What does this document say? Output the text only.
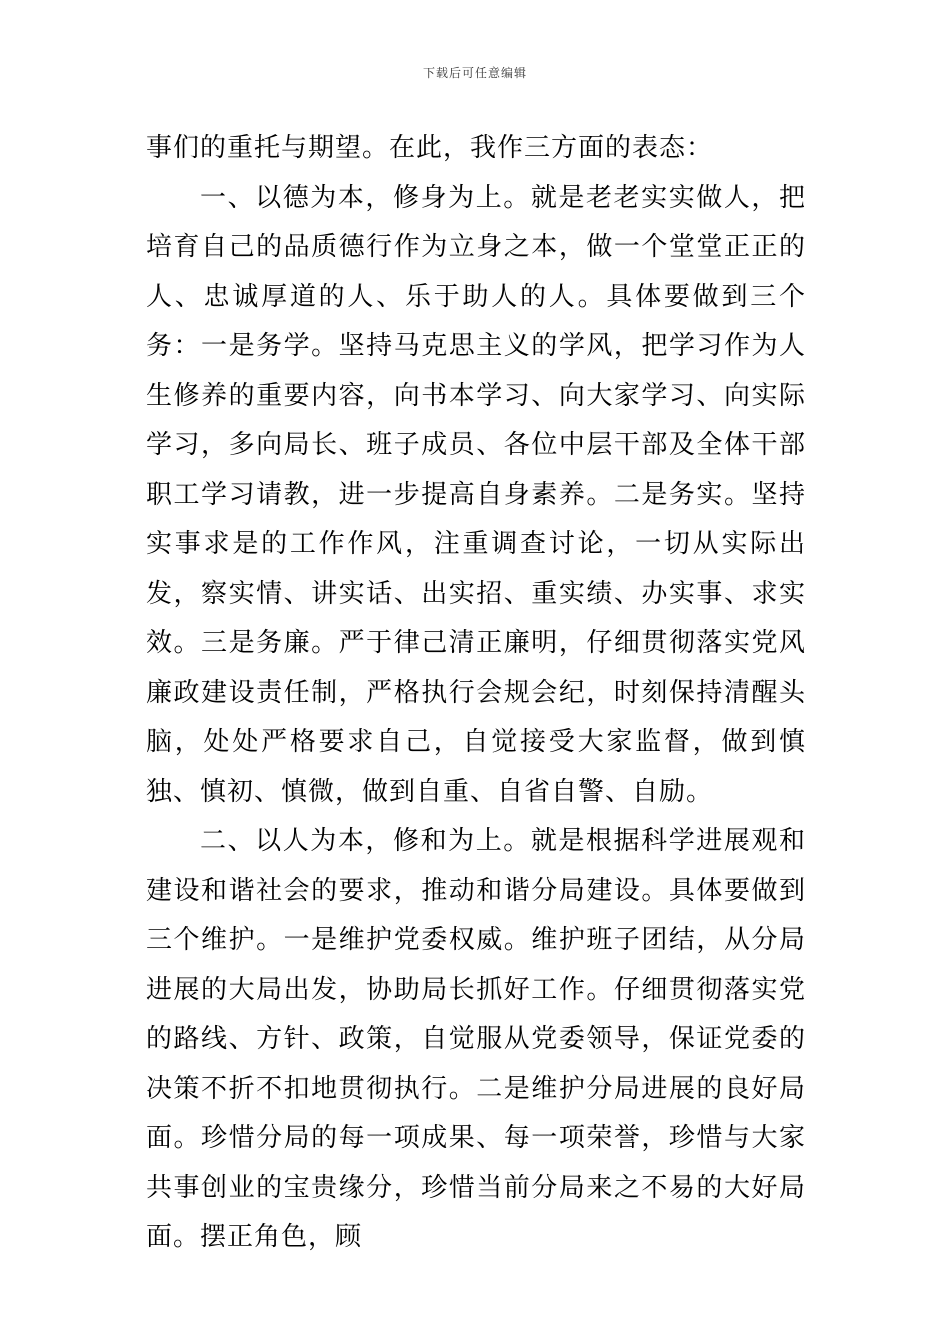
下载后可任意编辑

事们的重托与期望。在此，我作三方面的表态：

一、以德为本，修身为上。就是老老实实做人，把培育自己的品质德行作为立身之本，做一个堂堂正正的人、忠诚厚道的人、乐于助人的人。具体要做到三个务：一是务学。坚持马克思主义的学风，把学习作为人生修养的重要内容，向书本学习、向大家学习、向实际学习，多向局长、班子成员、各位中层干部及全体干部职工学习请教，进一步提高自身素养。二是务实。坚持实事求是的工作作风，注重调查讨论，一切从实际出发，察实情、讲实话、出实招、重实绩、办实事、求实效。三是务廉。严于律己清正廉明，仔细贯彻落实党风廉政建设责任制，严格执行会规会纪，时刻保持清醒头脑，处处严格要求自己，自觉接受大家监督，做到慎独、慎初、慎微，做到自重、自省自警、自励。

二、以人为本，修和为上。就是根据科学进展观和建设和谐社会的要求，推动和谐分局建设。具体要做到三个维护。一是维护党委权威。维护班子团结，从分局进展的大局出发，协助局长抓好工作。仔细贯彻落实党的路线、方针、政策，自觉服从党委领导，保证党委的决策不折不扣地贯彻执行。二是维护分局进展的良好局面。珍惜分局的每一项成果、每一项荣誉，珍惜与大家共事创业的宝贵缘分，珍惜当前分局来之不易的大好局面。摆正角色，顾
